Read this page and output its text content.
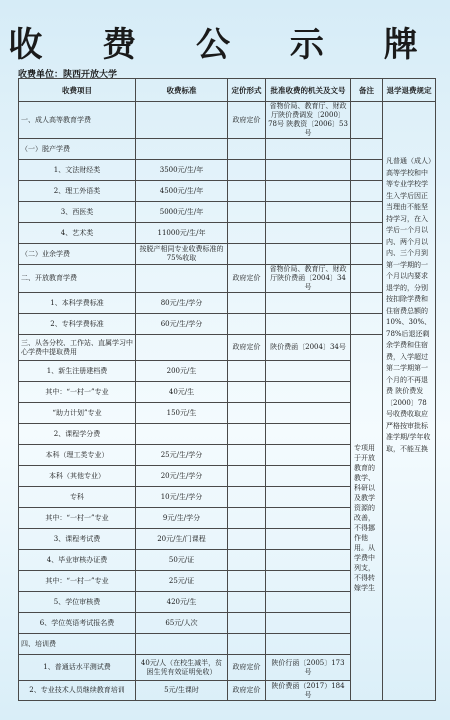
收 费 公 示 牌
收费单位：陕西开放大学
收费项目	收费标准	定价形式	批准收费的机关及文号	备注	退学退费规定
一、成人高等教育学费		政府定价	省物价局、教育厅、财政厅陕价费调发〔2000〕78号 陕教资〔2006〕53号		凡普通（成人）高等学校和中等专业学校学生入学后因正当理由不能坚持学习，在入学后一个月以内、两个月以内、三个月到第一学期的一个月以内要求退学的，分别按扣除学费和住宿费总额的10%、30%、78%后退还剩余学费和住宿费，入学超过第二学期第一个月的不再退费 陕价费发〔2000〕78号收费收取应严格按审批标准学期/学年收取，不能互换
（一）脱产学费					
1、文法财经类	3500元/生/年				
2、理工外语类	4500元/生/年				
3、西医类	5000元/生/年				
4、艺术类	11000元/生/年				
（二）业余学费	按脱产相同专业收费标准的75%收取				
二、开放教育学费		政府定价	省物价局、教育厅、财政厅陕价费函〔2004〕34号		
1、本科学费标准	80元/生/学分				
2、专科学费标准	60元/生/学分				
三、从各分校、工作站、直属学习中心学费中提取费用		政府定价	陕价费函〔2004〕34号	专项用于开放教育的教学、科研以及教学资源的改善，不得挪作他用。从学费中列支，不得转嫁学生	
1、新生注册建档费	200元/生				
其中：“一村一”专业	40元/生				
“助力计划”专业	150元/生				
2、课程学分费					
本科（理工类专业）	25元/生/学分				
本科（其他专业）	20元/生/学分				
专科	10元/生/学分				
其中：“一村一”专业	9元/生/学分				
3、课程考试费	20元/生/门课程				
4、毕业审核办证费	50元/证				
其中：“一村一”专业	25元/证				
5、学位审核费	420元/生				
6、学位英语考试报名费	65元/人次				
四、培训费					
1、普通话水平测试费	40元/人（在校生减半，贫困生凭有效证明免收）	政府定价	陕价行函〔2005〕173号		
2、专业技术人员继续教育培训	5元/生课时	政府定价	陕价费函（2017）184号		
